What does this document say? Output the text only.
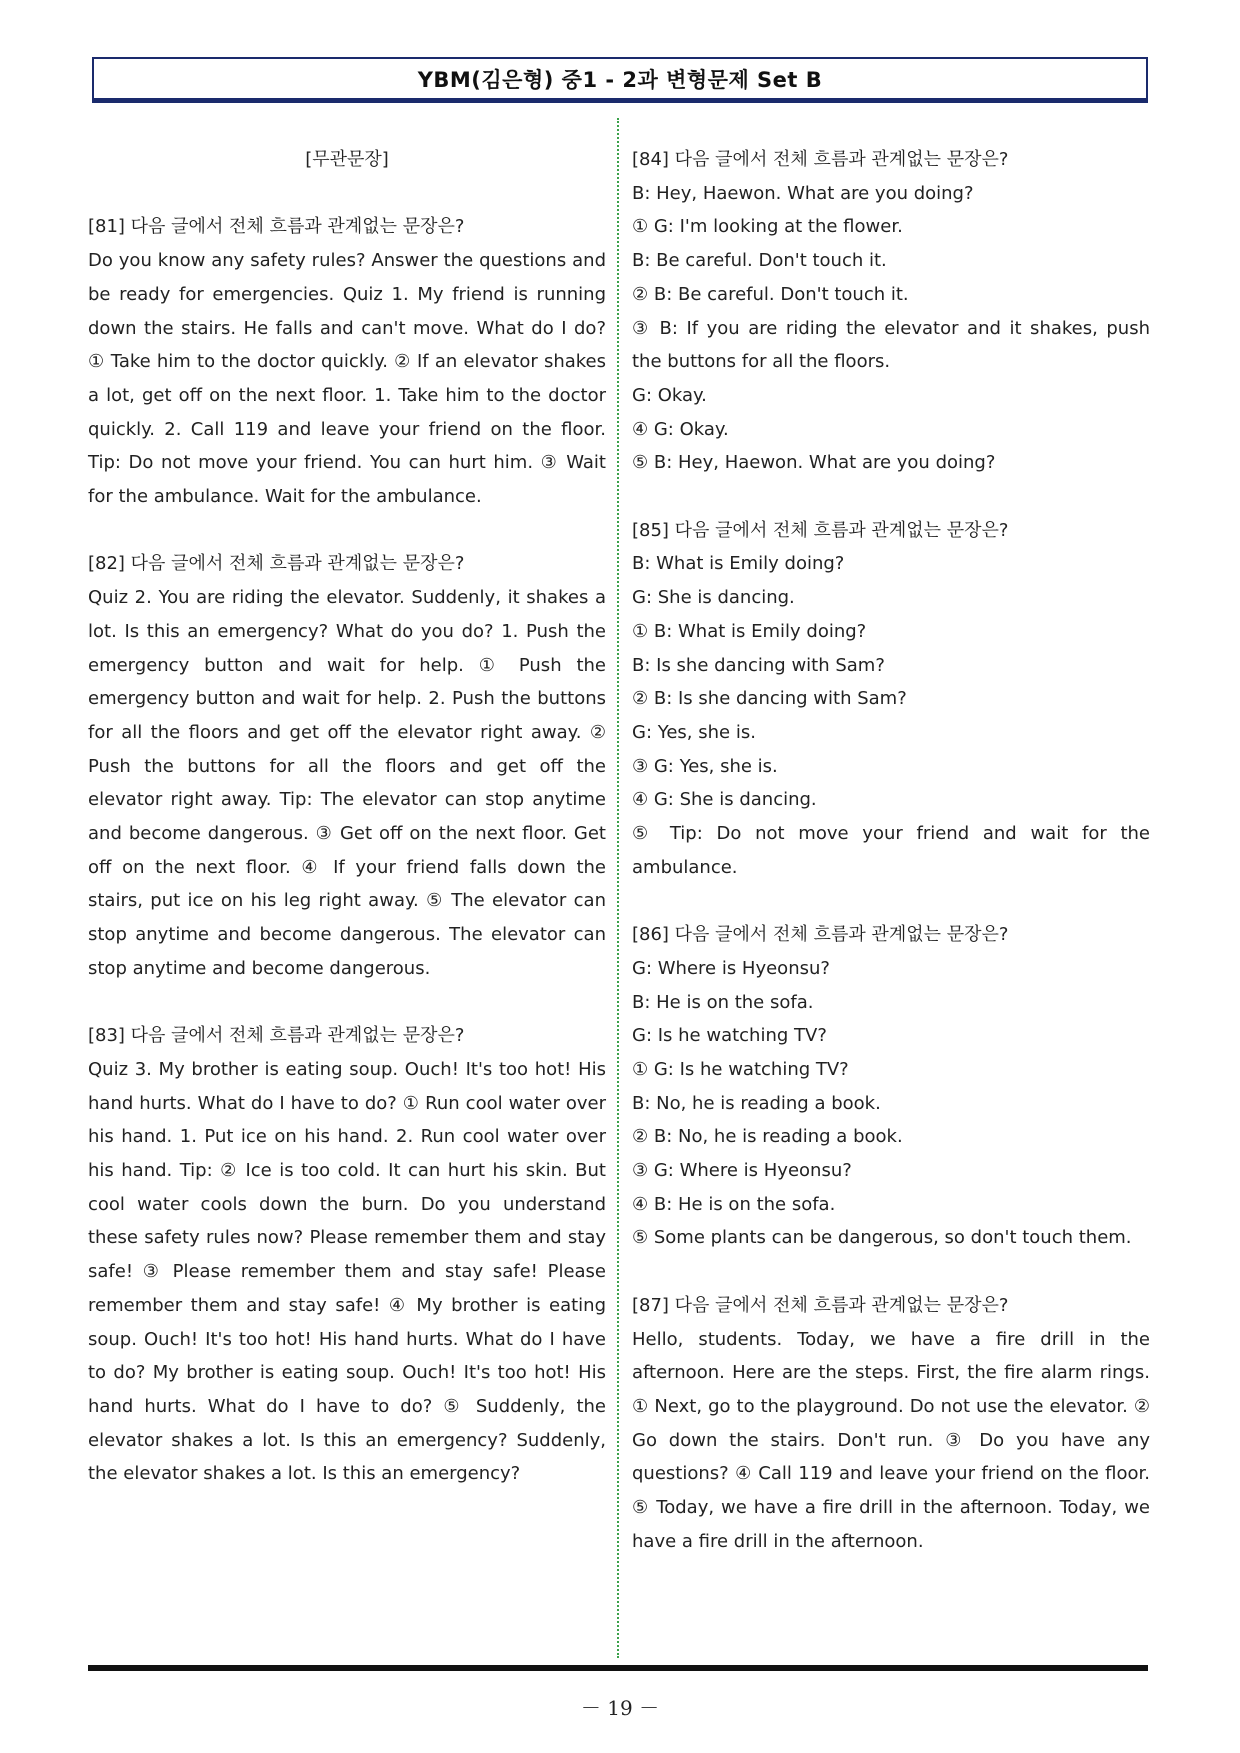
YBM(김은형) 중1 - 2과 변형문제 Set B

[무관문장]

[81] 다음 글에서 전체 흐름과 관계없는 문장은?

Do you know any safety rules? Answer the questions and be ready for emergencies. Quiz 1. My friend is running down the stairs. He falls and can't move. What do I do? ① Take him to the doctor quickly. ② If an elevator shakes a lot, get off on the next floor. 1. Take him to the doctor quickly. 2. Call 119 and leave your friend on the floor. Tip: Do not move your friend. You can hurt him. ③ Wait for the ambulance. Wait for the ambulance.

[82] 다음 글에서 전체 흐름과 관계없는 문장은?

Quiz 2. You are riding the elevator. Suddenly, it shakes a lot. Is this an emergency? What do you do? 1. Push the emergency button and wait for help. ① Push the emergency button and wait for help. 2. Push the buttons for all the floors and get off the elevator right away. ② Push the buttons for all the floors and get off the elevator right away. Tip: The elevator can stop anytime and become dangerous. ③ Get off on the next floor. Get off on the next floor. ④ If your friend falls down the stairs, put ice on his leg right away. ⑤ The elevator can stop anytime and become dangerous. The elevator can stop anytime and become dangerous.

[83] 다음 글에서 전체 흐름과 관계없는 문장은?

Quiz 3. My brother is eating soup. Ouch! It's too hot! His hand hurts. What do I have to do? ① Run cool water over his hand. 1. Put ice on his hand. 2. Run cool water over his hand. Tip: ② Ice is too cold. It can hurt his skin. But cool water cools down the burn. Do you understand these safety rules now? Please remember them and stay safe! ③ Please remember them and stay safe! Please remember them and stay safe! ④ My brother is eating soup. Ouch! It's too hot! His hand hurts. What do I have to do? My brother is eating soup. Ouch! It's too hot! His hand hurts. What do I have to do? ⑤ Suddenly, the elevator shakes a lot. Is this an emergency? Suddenly, the elevator shakes a lot. Is this an emergency?

[84] 다음 글에서 전체 흐름과 관계없는 문장은?

B: Hey, Haewon. What are you doing?

① G: I'm looking at the flower.

B: Be careful. Don't touch it.

② B: Be careful. Don't touch it.

③ B: If you are riding the elevator and it shakes, push the buttons for all the floors.

G: Okay.

④ G: Okay.

⑤ B: Hey, Haewon. What are you doing?

[85] 다음 글에서 전체 흐름과 관계없는 문장은?

B: What is Emily doing?

G: She is dancing.

① B: What is Emily doing?

B: Is she dancing with Sam?

② B: Is she dancing with Sam?

G: Yes, she is.

③ G: Yes, she is.

④ G: She is dancing.

⑤ Tip: Do not move your friend and wait for the ambulance.

[86] 다음 글에서 전체 흐름과 관계없는 문장은?

G: Where is Hyeonsu?

B: He is on the sofa.

G: Is he watching TV?

① G: Is he watching TV?

B: No, he is reading a book.

② B: No, he is reading a book.

③ G: Where is Hyeonsu?

④ B: He is on the sofa.

⑤ Some plants can be dangerous, so don't touch them.

[87] 다음 글에서 전체 흐름과 관계없는 문장은?

Hello, students. Today, we have a fire drill in the afternoon. Here are the steps. First, the fire alarm rings. ① Next, go to the playground. Do not use the elevator. ② Go down the stairs. Don't run. ③ Do you have any questions? ④ Call 119 and leave your friend on the floor. ⑤ Today, we have a fire drill in the afternoon. Today, we have a fire drill in the afternoon.

－ 19 －
